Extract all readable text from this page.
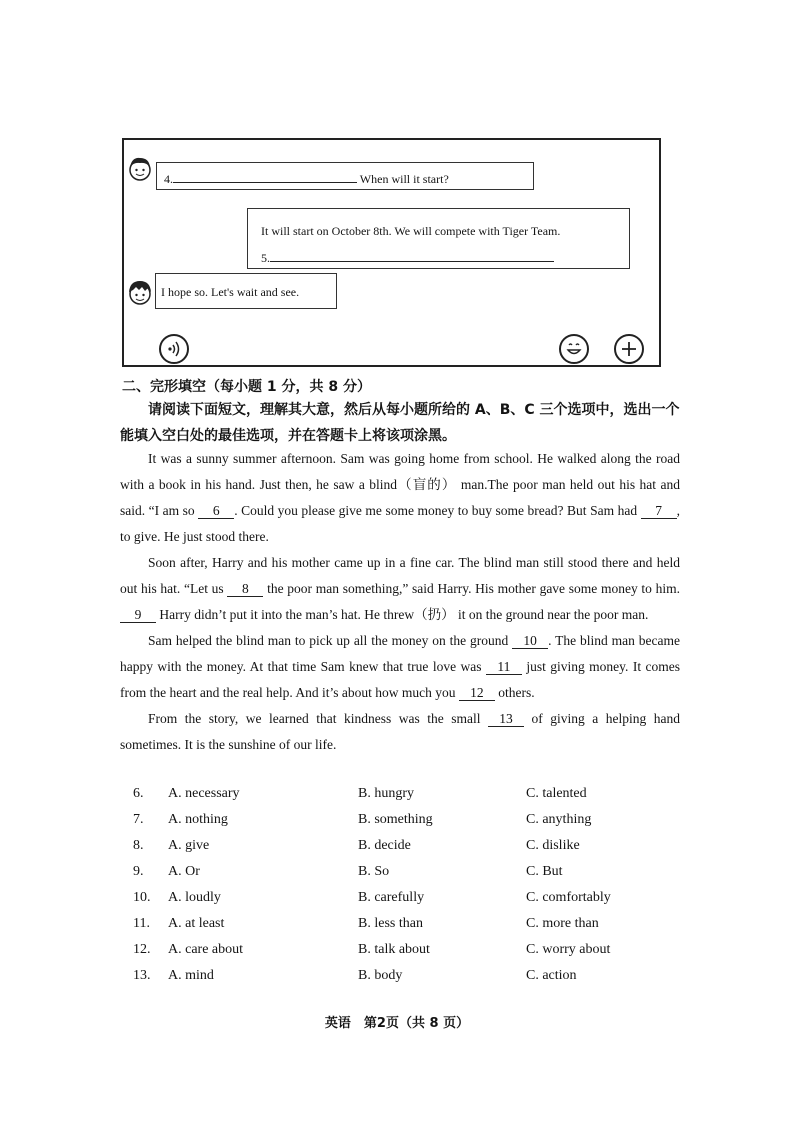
4.	When will it start?
It will start on October 8th. We will compete with Tiger Team.
5.
I hope so. Let's wait and see.
二、完形填空（每小题 1 分，共 8 分）
请阅读下面短文，理解其大意，然后从每小题所给的 A、B、C 三个选项中，选出一个能填入空白处的最佳选项，并在答题卡上将该项涂黑。

It was a sunny summer afternoon. Sam was going home from school. He walked along the road with a book in his hand. Just then, he saw a blind（盲的） man.The poor man held out his hat and said. “I am so 6 . Could you please give me some money to buy some bread? But Sam had 7 , to give. He just stood there.

Soon after, Harry and his mother came up in a fine car. The blind man still stood there and held out his hat. “Let us 8 the poor man something,” said Harry. His mother gave some money to him. 9 Harry didn’t put it into the man’s hat. He threw（扔） it on the ground near the poor man.

Sam helped the blind man to pick up all the money on the ground 10 . The blind man became happy with the money. At that time Sam knew that true love was 11 just giving money. It comes from the heart and the real help. And it’s about how much you 12 others.

From the story, we learned that kindness was the small 13 of giving a helping hand sometimes. It is the sunshine of our life.

6.	A. necessary	B. hungry	C. talented
7.	A. nothing	B. something	C. anything
8.	A. give	B. decide	C. dislike
9.	A. Or	B. So	C. But
10.	A. loudly	B. carefully	C. comfortably
11.	A. at least	B. less than	C. more than
12.	A. care about	B. talk about	C. worry about
13.	A. mind	B. body	C. action
英语　第2页（共 8 页）
